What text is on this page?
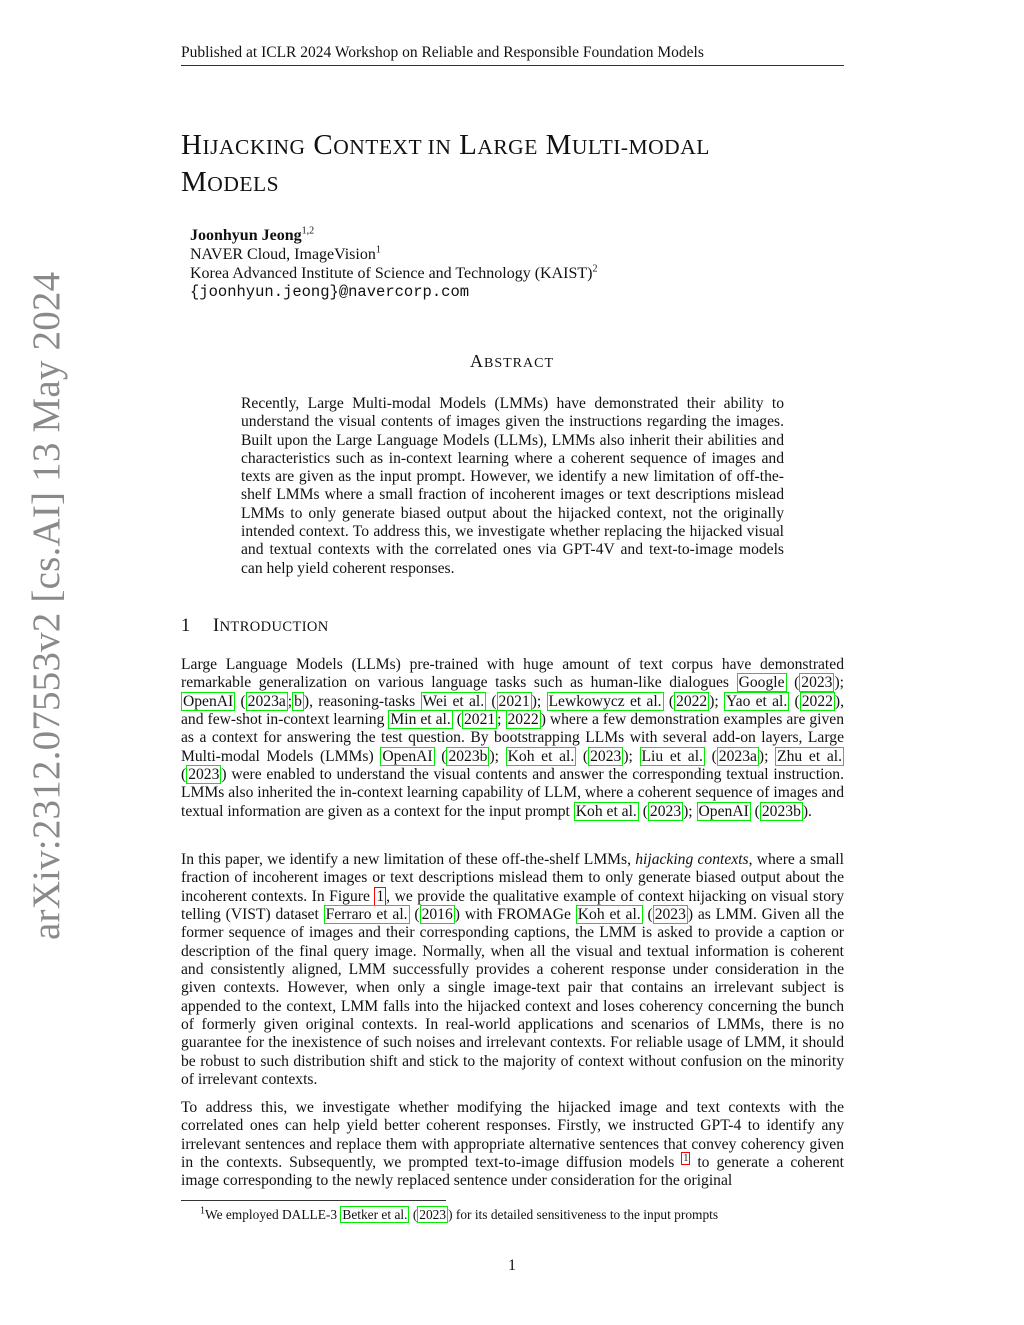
Published at ICLR 2024 Workshop on Reliable and Responsible Foundation Models
arXiv:2312.07553v2 [cs.AI] 13 May 2024
HIJACKING CONTEXT IN LARGE MULTI-MODAL
MODELS
Joonhyun Jeong$^{1,2}$
NAVER Cloud, ImageVision$^1$
Korea Advanced Institute of Science and Technology (KAIST)$^2$
{joonhyun.jeong}@navercorp.com
ABSTRACT
Recently, Large Multi-modal Models (LMMs) have demonstrated their ability to understand the visual contents of images given the instructions regarding the images. Built upon the Large Language Models (LLMs), LMMs also inherit their abilities and characteristics such as in-context learning where a coherent sequence of images and texts are given as the input prompt. However, we identify a new limitation of off-the-shelf LMMs where a small fraction of incoherent images or text descriptions mislead LMMs to only generate biased output about the hijacked context, not the originally intended context. To address this, we investigate whether replacing the hijacked visual and textual contexts with the correlated ones via GPT-4V and text-to-image models can help yield coherent responses.
1 INTRODUCTION
Large Language Models (LLMs) pre-trained with huge amount of text corpus have demonstrated remarkable generalization on various language tasks such as human-like dialogues Google ( 2023 ); OpenAI ( 2023a ; b ), reasoning-tasks Wei et al. ( 2021 ); Lewkowycz et al. ( 2022 ); Yao et al. ( 2022 ), and few-shot in-context learning Min et al. ( 2021 ; 2022 ) where a few demonstration examples are given as a context for answering the test question. By bootstrapping LLMs with several add-on layers, Large Multi-modal Models (LMMs) OpenAI ( 2023b ); Koh et al. ( 2023 ); Liu et al. ( 2023a ); Zhu et al. ( 2023 ) were enabled to understand the visual contents and answer the corresponding textual instruction. LMMs also inherited the in-context learning capability of LLM, where a coherent sequence of images and textual information are given as a context for the input prompt Koh et al. ( 2023 ); OpenAI ( 2023b ).
In this paper, we identify a new limitation of these off-the-shelf LMMs, hijacking contexts, where a small fraction of incoherent images or text descriptions mislead them to only generate biased output about the incoherent contexts. In Figure 1 , we provide the qualitative example of context hijacking on visual story telling (VIST) dataset Ferraro et al. ( 2016 ) with FROMAGe Koh et al. ( 2023 ) as LMM. Given all the former sequence of images and their corresponding captions, the LMM is asked to provide a caption or description of the final query image. Normally, when all the visual and textual information is coherent and consistently aligned, LMM successfully provides a coherent response under consideration in the given contexts. However, when only a single image-text pair that contains an irrelevant subject is appended to the context, LMM falls into the hijacked context and loses coherency concerning the bunch of formerly given original contexts. In real-world applications and scenarios of LMMs, there is no guarantee for the inexistence of such noises and irrelevant contexts. For reliable usage of LMM, it should be robust to such distribution shift and stick to the majority of context without confusion on the minority of irrelevant contexts.
To address this, we investigate whether modifying the hijacked image and text contexts with the correlated ones can help yield better coherent responses. Firstly, we instructed GPT-4 to identify any irrelevant sentences and replace them with appropriate alternative sentences that convey coherency given in the contexts. Subsequently, we prompted text-to-image diffusion models $^1$ to generate a coherent image corresponding to the newly replaced sentence under consideration for the original
$^1$We employed DALLE-3 Betker et al. ( 2023 ) for its detailed sensitiveness to the input prompts
1
